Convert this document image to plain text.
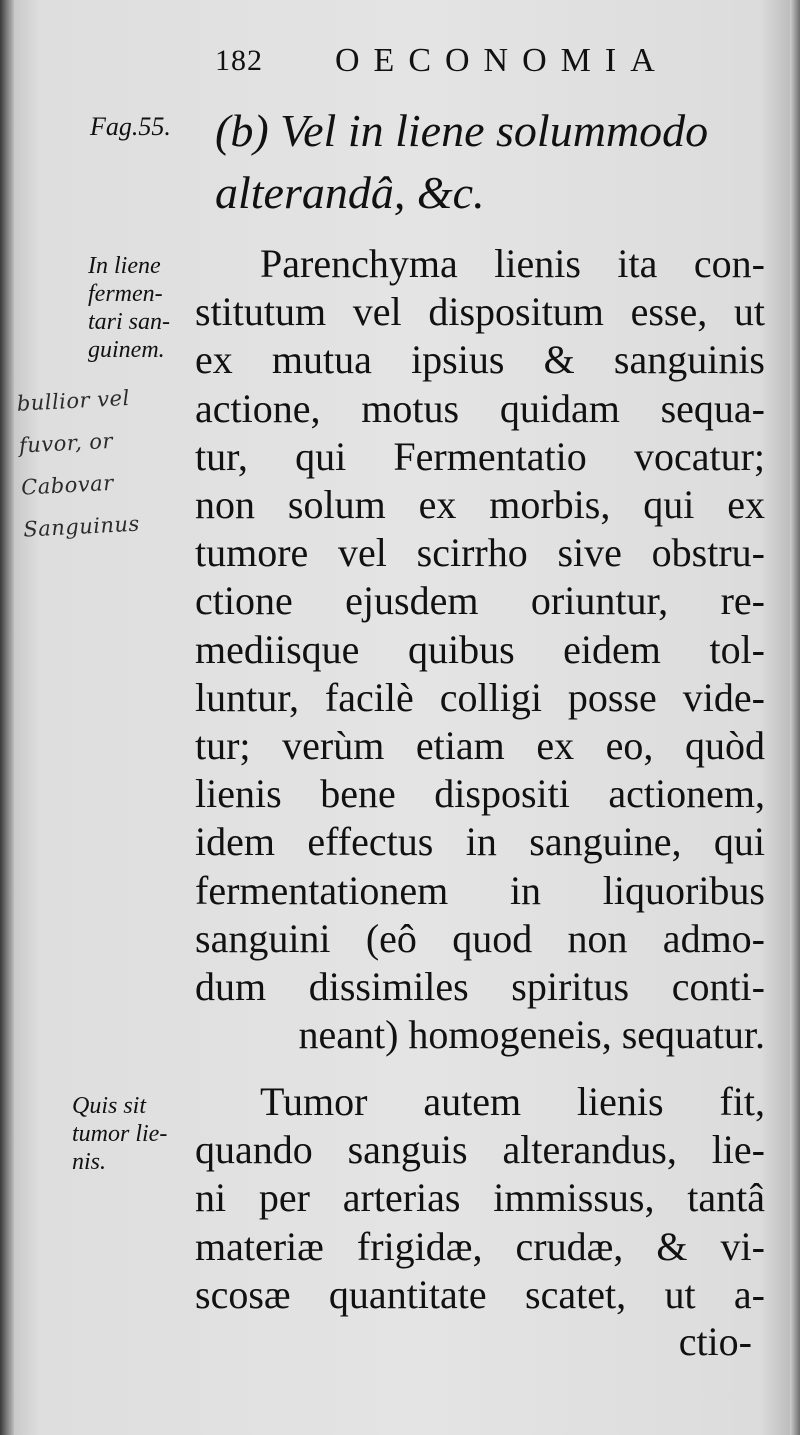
182 OECONOMIA
Fag.55. (b) Vel in liene solummodo
alterandâ, &c.
In liene
fermen-
tari san-
guinem.
bullior vel
fuvor, or
Cabovar
Sanguinus
Parenchyma lienis ita con-
stitutum vel dispositum esse, ut
ex mutua ipsius & sanguinis
actione, motus quidam sequa-
tur, qui Fermentatio vocatur;
non solum ex morbis, qui ex
tumore vel scirrho sive obstru-
ctione ejusdem oriuntur, re-
mediisque quibus eidem tol-
luntur, facilè colligi posse vide-
tur; verùm etiam ex eo, quòd
lienis bene dispositi actionem,
idem effectus in sanguine, qui
fermentationem in liquoribus
sanguini (eô quod non admo-
dum dissimiles spiritus conti-
neant) homogeneis, sequatur.
Quis sit
tumor lie-
nis.
Tumor autem lienis fit,
quando sanguis alterandus, lie-
ni per arterias immissus, tantâ
materiæ frigidæ, crudæ, & vi-
scosæ quantitate scatet, ut a-
ctio-
